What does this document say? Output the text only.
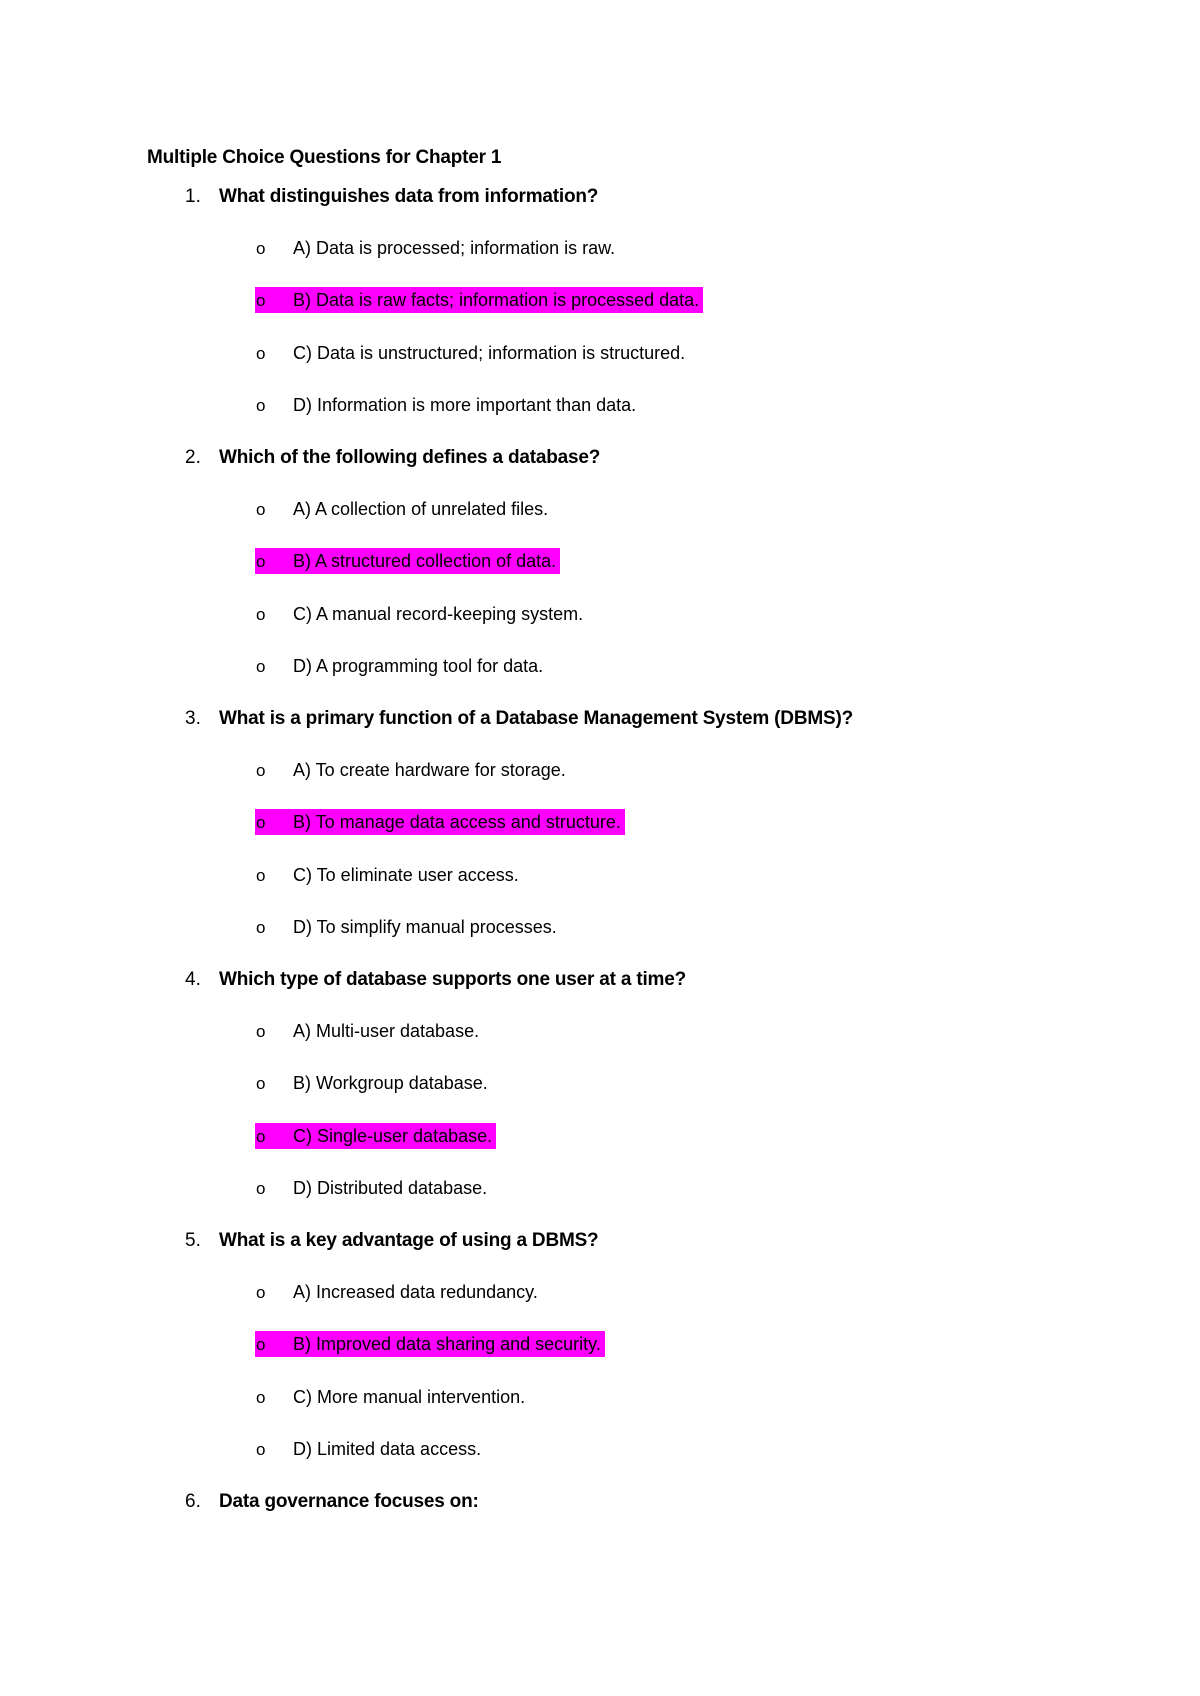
Multiple Choice Questions for Chapter 1
1. What distinguishes data from information?
o A) Data is processed; information is raw.
o B) Data is raw facts; information is processed data.
o C) Data is unstructured; information is structured.
o D) Information is more important than data.
2. Which of the following defines a database?
o A) A collection of unrelated files.
o B) A structured collection of data.
o C) A manual record-keeping system.
o D) A programming tool for data.
3. What is a primary function of a Database Management System (DBMS)?
o A) To create hardware for storage.
o B) To manage data access and structure.
o C) To eliminate user access.
o D) To simplify manual processes.
4. Which type of database supports one user at a time?
o A) Multi-user database.
o B) Workgroup database.
o C) Single-user database.
o D) Distributed database.
5. What is a key advantage of using a DBMS?
o A) Increased data redundancy.
o B) Improved data sharing and security.
o C) More manual intervention.
o D) Limited data access.
6. Data governance focuses on:
